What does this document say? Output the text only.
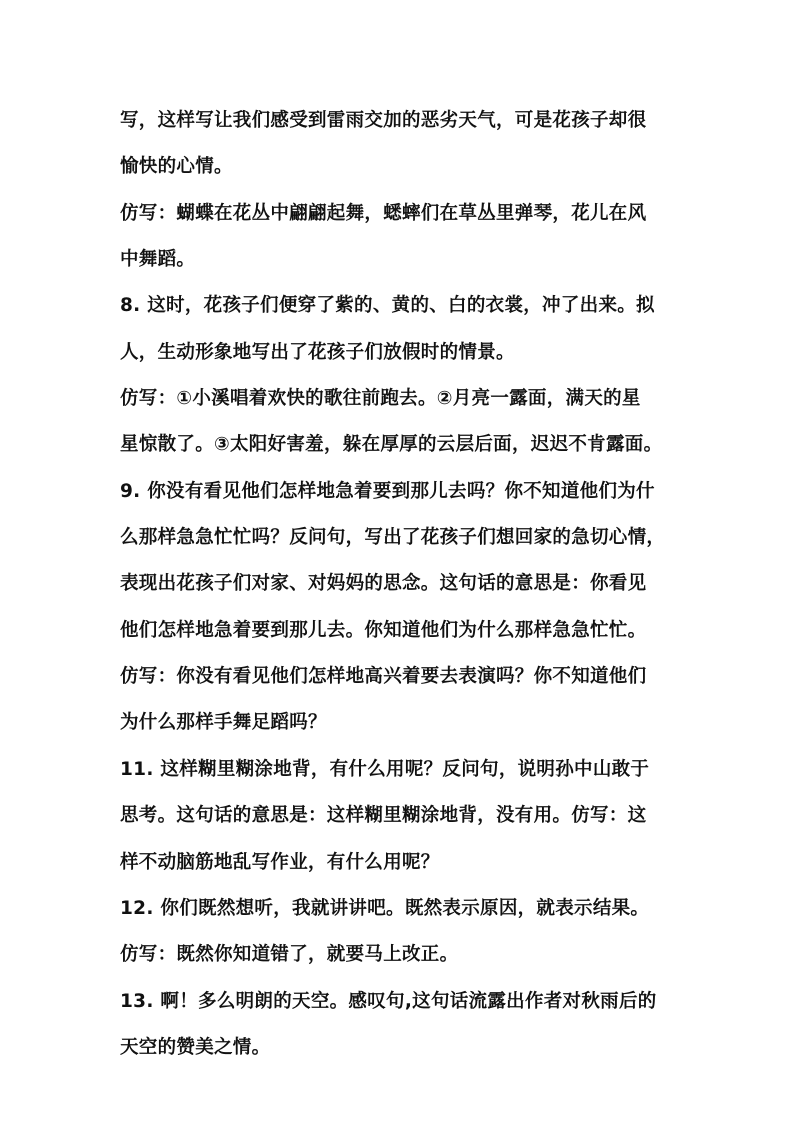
写，这样写让我们感受到雷雨交加的恶劣天气，可是花孩子却很
愉快的心情。
仿写：蝴蝶在花丛中翩翩起舞，蟋蟀们在草丛里弹琴，花儿在风
中舞蹈。
8. 这时，花孩子们便穿了紫的、黄的、白的衣裳，冲了出来。拟
人，生动形象地写出了花孩子们放假时的情景。
仿写：①小溪唱着欢快的歌往前跑去。②月亮一露面，满天的星
星惊散了。③太阳好害羞，躲在厚厚的云层后面，迟迟不肯露面。
9. 你没有看见他们怎样地急着要到那儿去吗？你不知道他们为什
么那样急急忙忙吗？反问句，写出了花孩子们想回家的急切心情，
表现出花孩子们对家、对妈妈的思念。这句话的意思是：你看见
他们怎样地急着要到那儿去。你知道他们为什么那样急急忙忙。
仿写：你没有看见他们怎样地高兴着要去表演吗？你不知道他们
为什么那样手舞足蹈吗？
11. 这样糊里糊涂地背，有什么用呢？反问句，说明孙中山敢于
思考。这句话的意思是：这样糊里糊涂地背，没有用。仿写：这
样不动脑筋地乱写作业，有什么用呢？
12. 你们既然想听，我就讲讲吧。既然表示原因，就表示结果。
仿写：既然你知道错了，就要马上改正。
13. 啊！多么明朗的天空。感叹句,这句话流露出作者对秋雨后的
天空的赞美之情。
